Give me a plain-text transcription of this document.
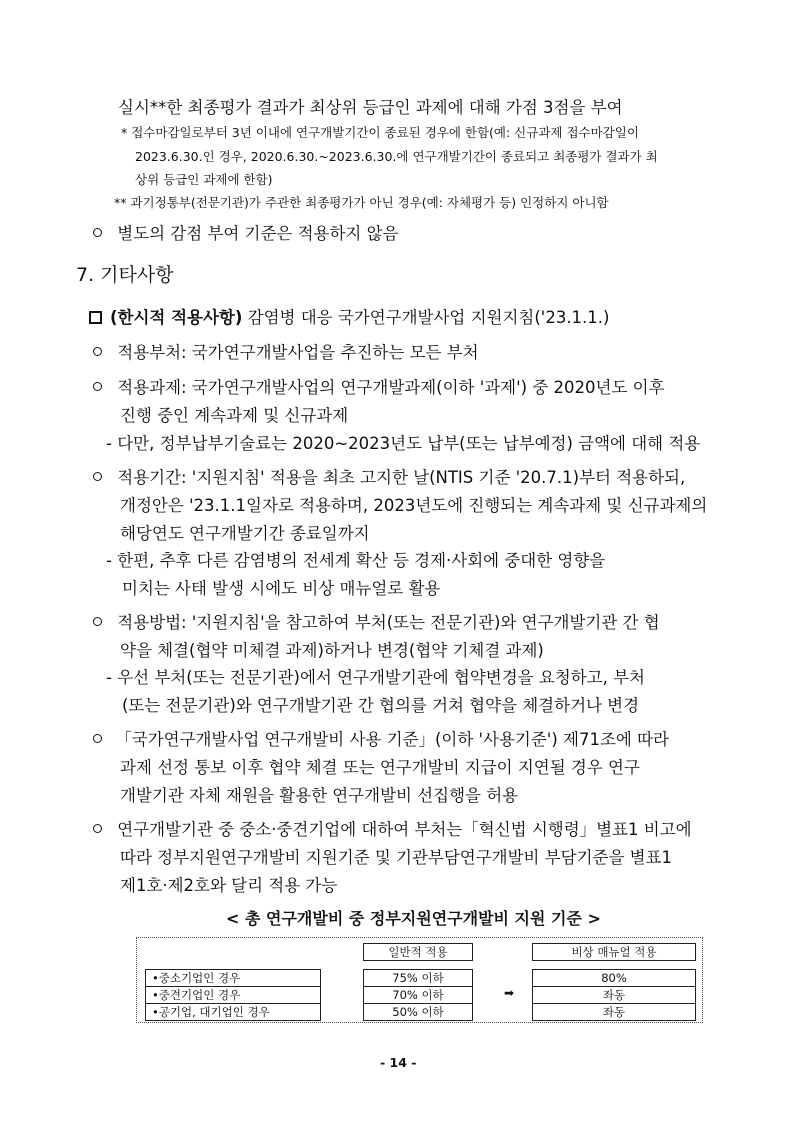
실시**한 최종평가 결과가 최상위 등급인 과제에 대해 가점 3점을 부여
* 접수마감일로부터 3년 이내에 연구개발기간이 종료된 경우에 한함(예: 신규과제 접수마감일이
2023.6.30.인 경우, 2020.6.30.~2023.6.30.에 연구개발기간이 종료되고 최종평가 결과가 최
상위 등급인 과제에 한함)
** 과기정통부(전문기관)가 주관한 최종평가가 아닌 경우(예: 자체평가 등) 인정하지 아니함
별도의 감점 부여 기준은 적용하지 않음
7. 기타사항
(한시적 적용사항) 감염병 대응 국가연구개발사업 지원지침('23.1.1.)
적용부처: 국가연구개발사업을 추진하는 모든 부처
적용과제: 국가연구개발사업의 연구개발과제(이하 '과제') 중 2020년도 이후
진행 중인 계속과제 및 신규과제
- 다만, 정부납부기술료는 2020~2023년도 납부(또는 납부예정) 금액에 대해 적용
적용기간: '지원지침' 적용을 최초 고지한 날(NTIS 기준 '20.7.1)부터 적용하되,
개정안은 '23.1.1일자로 적용하며, 2023년도에 진행되는 계속과제 및 신규과제의
해당연도 연구개발기간 종료일까지
- 한편, 추후 다른 감염병의 전세계 확산 등 경제·사회에 중대한 영향을
미치는 사태 발생 시에도 비상 매뉴얼로 활용
적용방법: '지원지침'을 참고하여 부처(또는 전문기관)와 연구개발기관 간 협
약을 체결(협약 미체결 과제)하거나 변경(협약 기체결 과제)
- 우선 부처(또는 전문기관)에서 연구개발기관에 협약변경을 요청하고, 부처
(또는 전문기관)와 연구개발기관 간 협의를 거쳐 협약을 체결하거나 변경
「국가연구개발사업 연구개발비 사용 기준」(이하 '사용기준') 제71조에 따라
과제 선정 통보 이후 협약 체결 또는 연구개발비 지급이 지연될 경우 연구
개발기관 자체 재원을 활용한 연구개발비 선집행을 허용
연구개발기관 중 중소·중견기업에 대하여 부처는「혁신법 시행령」별표1 비고에
따라 정부지원연구개발비 지원기준 및 기관부담연구개발비 부담기준을 별표1
제1호·제2호와 달리 적용 가능
< 총 연구개발비 중 정부지원연구개발비 지원 기준 >
일반적 적용	비상 매뉴얼 적용
•중소기업인 경우
•중견기업인 경우
•공기업, 대기업인 경우
75% 이하
70% 이하
50% 이하
➡
80%
좌동
좌동
- 14 -
